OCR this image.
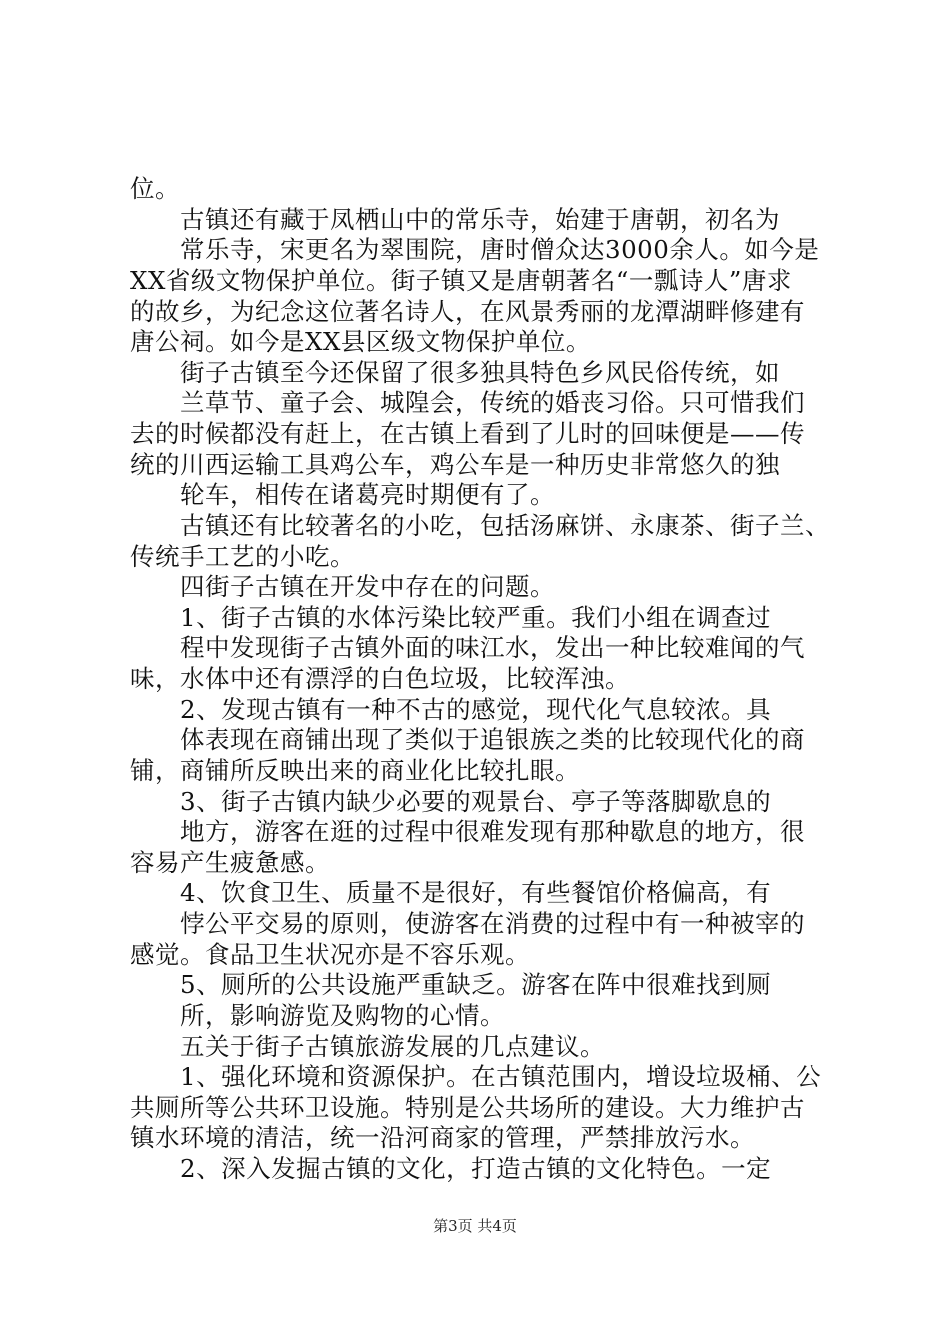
位。
古镇还有藏于凤栖山中的常乐寺，始建于唐朝，初名为
常乐寺，宋更名为翠围院，唐时僧众达3000余人。如今是
XX省级文物保护单位。街子镇又是唐朝著名“一瓢诗人”唐求
的故乡，为纪念这位著名诗人，在风景秀丽的龙潭湖畔修建有
唐公祠。如今是XX县区级文物保护单位。
街子古镇至今还保留了很多独具特色乡风民俗传统，如
兰草节、童子会、城隍会，传统的婚丧习俗。只可惜我们
去的时候都没有赶上，在古镇上看到了儿时的回味便是——传
统的川西运输工具鸡公车，鸡公车是一种历史非常悠久的独
轮车，相传在诸葛亮时期便有了。
古镇还有比较著名的小吃，包括汤麻饼、永康茶、街子兰、
传统手工艺的小吃。
四街子古镇在开发中存在的问题。
1、街子古镇的水体污染比较严重。我们小组在调查过
程中发现街子古镇外面的味江水，发出一种比较难闻的气
味，水体中还有漂浮的白色垃圾，比较浑浊。
2、发现古镇有一种不古的感觉，现代化气息较浓。具
体表现在商铺出现了类似于追银族之类的比较现代化的商
铺，商铺所反映出来的商业化比较扎眼。
3、街子古镇内缺少必要的观景台、亭子等落脚歇息的
地方，游客在逛的过程中很难发现有那种歇息的地方，很
容易产生疲惫感。
4、饮食卫生、质量不是很好，有些餐馆价格偏高，有
悖公平交易的原则，使游客在消费的过程中有一种被宰的
感觉。食品卫生状况亦是不容乐观。
5、厕所的公共设施严重缺乏。游客在阵中很难找到厕
所，影响游览及购物的心情。
五关于街子古镇旅游发展的几点建议。
1、强化环境和资源保护。在古镇范围内，增设垃圾桶、公
共厕所等公共环卫设施。特别是公共场所的建设。大力维护古
镇水环境的清洁，统一沿河商家的管理，严禁排放污水。
2、深入发掘古镇的文化，打造古镇的文化特色。一定
第3页 共4页
